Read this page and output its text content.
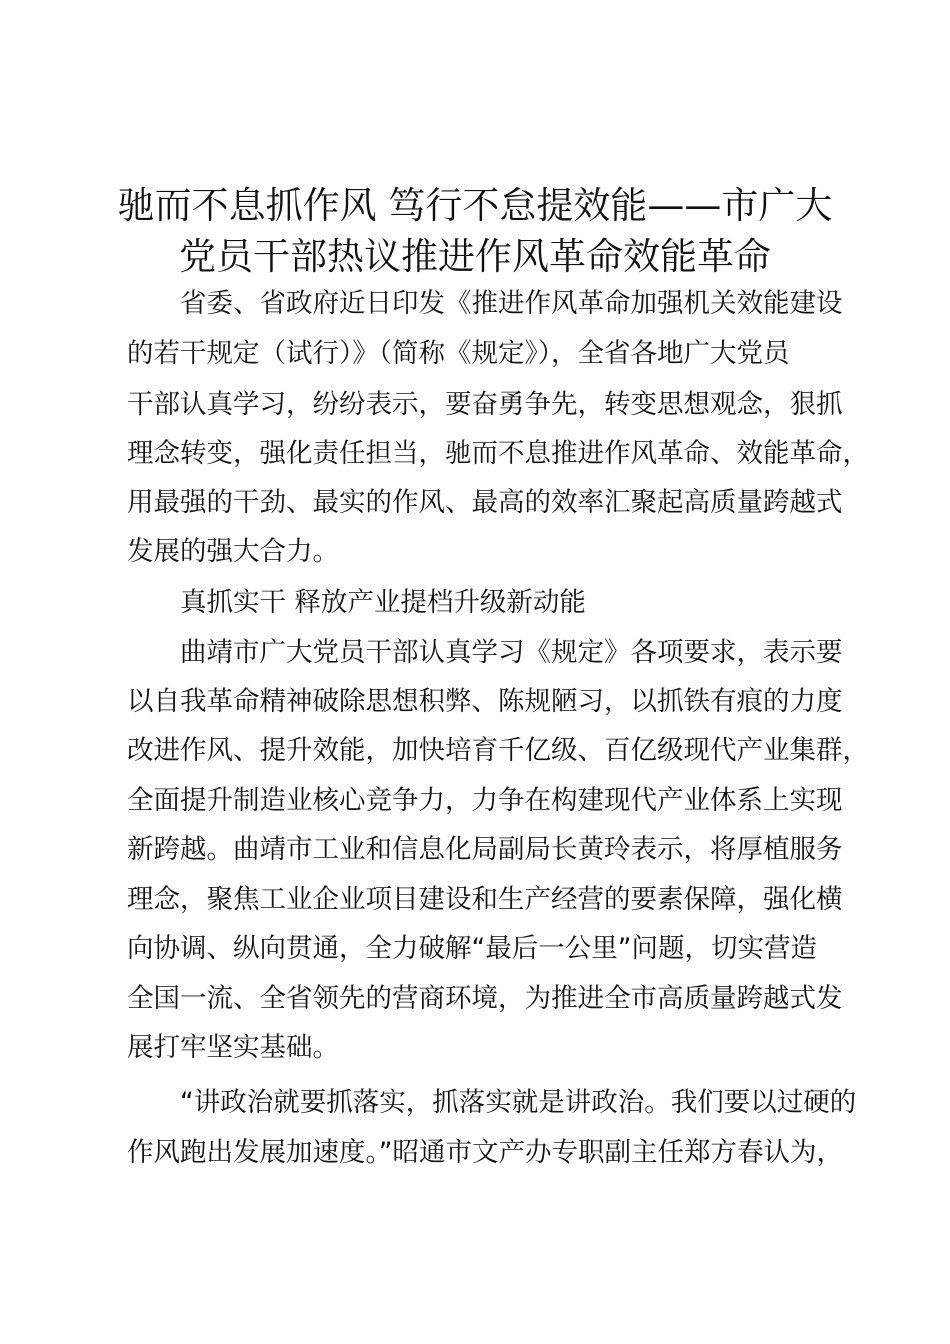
驰而不息抓作风 笃行不怠提效能——市广大
党员干部热议推进作风革命效能革命

省委、省政府近日印发《推进作风革命加强机关效能建设

的若干规定（试行）》（简称《规定》），全省各地广大党员

干部认真学习，纷纷表示，要奋勇争先，转变思想观念，狠抓

理念转变，强化责任担当，驰而不息推进作风革命、效能革命，

用最强的干劲、最实的作风、最高的效率汇聚起高质量跨越式

发展的强大合力。

真抓实干 释放产业提档升级新动能

曲靖市广大党员干部认真学习《规定》各项要求，表示要

以自我革命精神破除思想积弊、陈规陋习，以抓铁有痕的力度

改进作风、提升效能，加快培育千亿级、百亿级现代产业集群，

全面提升制造业核心竞争力，力争在构建现代产业体系上实现

新跨越。曲靖市工业和信息化局副局长黄玲表示，将厚植服务

理念，聚焦工业企业项目建设和生产经营的要素保障，强化横

向协调、纵向贯通，全力破解“最后一公里”问题，切实营造

全国一流、全省领先的营商环境，为推进全市高质量跨越式发

展打牢坚实基础。

“讲政治就要抓落实，抓落实就是讲政治。我们要以过硬的

作风跑出发展加速度。”昭通市文产办专职副主任郑方春认为，
